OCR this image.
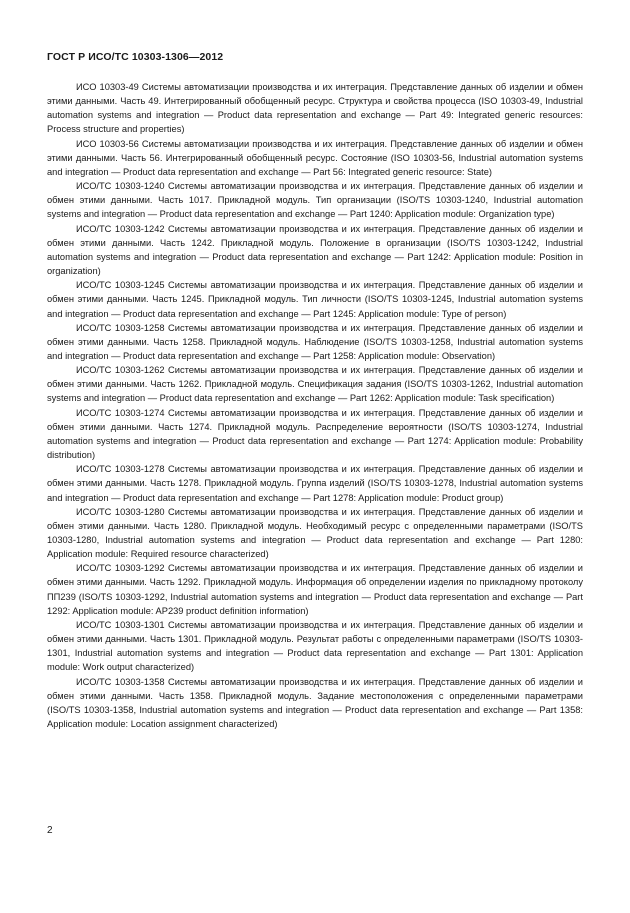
ГОСТ Р ИСО/ТС 10303-1306—2012

ИСО 10303-49 Системы автоматизации производства и их интеграция. Представление данных об изделии и обмен этими данными. Часть 49. Интегрированный обобщенный ресурс. Структура и свойства процесса (ISO 10303-49, Industrial automation systems and integration — Product data representation and exchange — Part 49: Integrated generic resources: Process structure and properties)

ИСО 10303-56 Системы автоматизации производства и их интеграция. Представление данных об изделии и обмен этими данными. Часть 56. Интегрированный обобщенный ресурс. Состояние (ISO 10303-56, Industrial automation systems and integration — Product data representation and exchange — Part 56: Integrated generic resource: State)

ИСО/ТС 10303-1240 Системы автоматизации производства и их интеграция. Представление данных об изделии и обмен этими данными. Часть 1017. Прикладной модуль. Тип организации (ISO/TS 10303-1240, Industrial automation systems and integration — Product data representation and exchange — Part 1240: Application module: Organization type)

ИСО/ТС 10303-1242 Системы автоматизации производства и их интеграция. Представление данных об изделии и обмен этими данными. Часть 1242. Прикладной модуль. Положение в организации (ISO/TS 10303-1242, Industrial automation systems and integration — Product data representation and exchange — Part 1242: Application module: Position in organization)

ИСО/ТС 10303-1245 Системы автоматизации производства и их интеграция. Представление данных об изделии и обмен этими данными. Часть 1245. Прикладной модуль. Тип личности (ISO/TS 10303-1245, Industrial automation systems and integration — Product data representation and exchange — Part 1245: Application module: Type of person)

ИСО/ТС 10303-1258 Системы автоматизации производства и их интеграция. Представление данных об изделии и обмен этими данными. Часть 1258. Прикладной модуль. Наблюдение (ISO/TS 10303-1258, Industrial automation systems and integration — Product data representation and exchange — Part 1258: Application module: Observation)

ИСО/ТС 10303-1262 Системы автоматизации производства и их интеграция. Представление данных об изделии и обмен этими данными. Часть 1262. Прикладной модуль. Спецификация задания (ISO/TS 10303-1262, Industrial automation systems and integration — Product data representation and exchange — Part 1262: Application module: Task specification)

ИСО/ТС 10303-1274 Системы автоматизации производства и их интеграция. Представление данных об изделии и обмен этими данными. Часть 1274. Прикладной модуль. Распределение вероятности (ISO/TS 10303-1274, Industrial automation systems and integration — Product data representation and exchange — Part 1274: Application module: Probability distribution)

ИСО/ТС 10303-1278 Системы автоматизации производства и их интеграция. Представление данных об изделии и обмен этими данными. Часть 1278. Прикладной модуль. Группа изделий (ISO/TS 10303-1278, Industrial automation systems and integration — Product data representation and exchange — Part 1278: Application module: Product group)

ИСО/ТС 10303-1280 Системы автоматизации производства и их интеграция. Представление данных об изделии и обмен этими данными. Часть 1280. Прикладной модуль. Необходимый ресурс с определенными параметрами (ISO/TS 10303-1280, Industrial automation systems and integration — Product data representation and exchange — Part 1280: Application module: Required resource characterized)

ИСО/ТС 10303-1292 Системы автоматизации производства и их интеграция. Представление данных об изделии и обмен этими данными. Часть 1292. Прикладной модуль. Информация об определении изделия по прикладному протоколу ПП239 (ISO/TS 10303-1292, Industrial automation systems and integration — Product data representation and exchange — Part 1292: Application module: AP239 product definition information)

ИСО/ТС 10303-1301 Системы автоматизации производства и их интеграция. Представление данных об изделии и обмен этими данными. Часть 1301. Прикладной модуль. Результат работы с определенными параметрами (ISO/TS 10303-1301, Industrial automation systems and integration — Product data representation and exchange — Part 1301: Application module: Work output characterized)

ИСО/ТС 10303-1358 Системы автоматизации производства и их интеграция. Представление данных об изделии и обмен этими данными. Часть 1358. Прикладной модуль. Задание местоположения с определенными параметрами (ISO/TS 10303-1358, Industrial automation systems and integration — Product data representation and exchange — Part 1358: Application module: Location assignment characterized)

2
